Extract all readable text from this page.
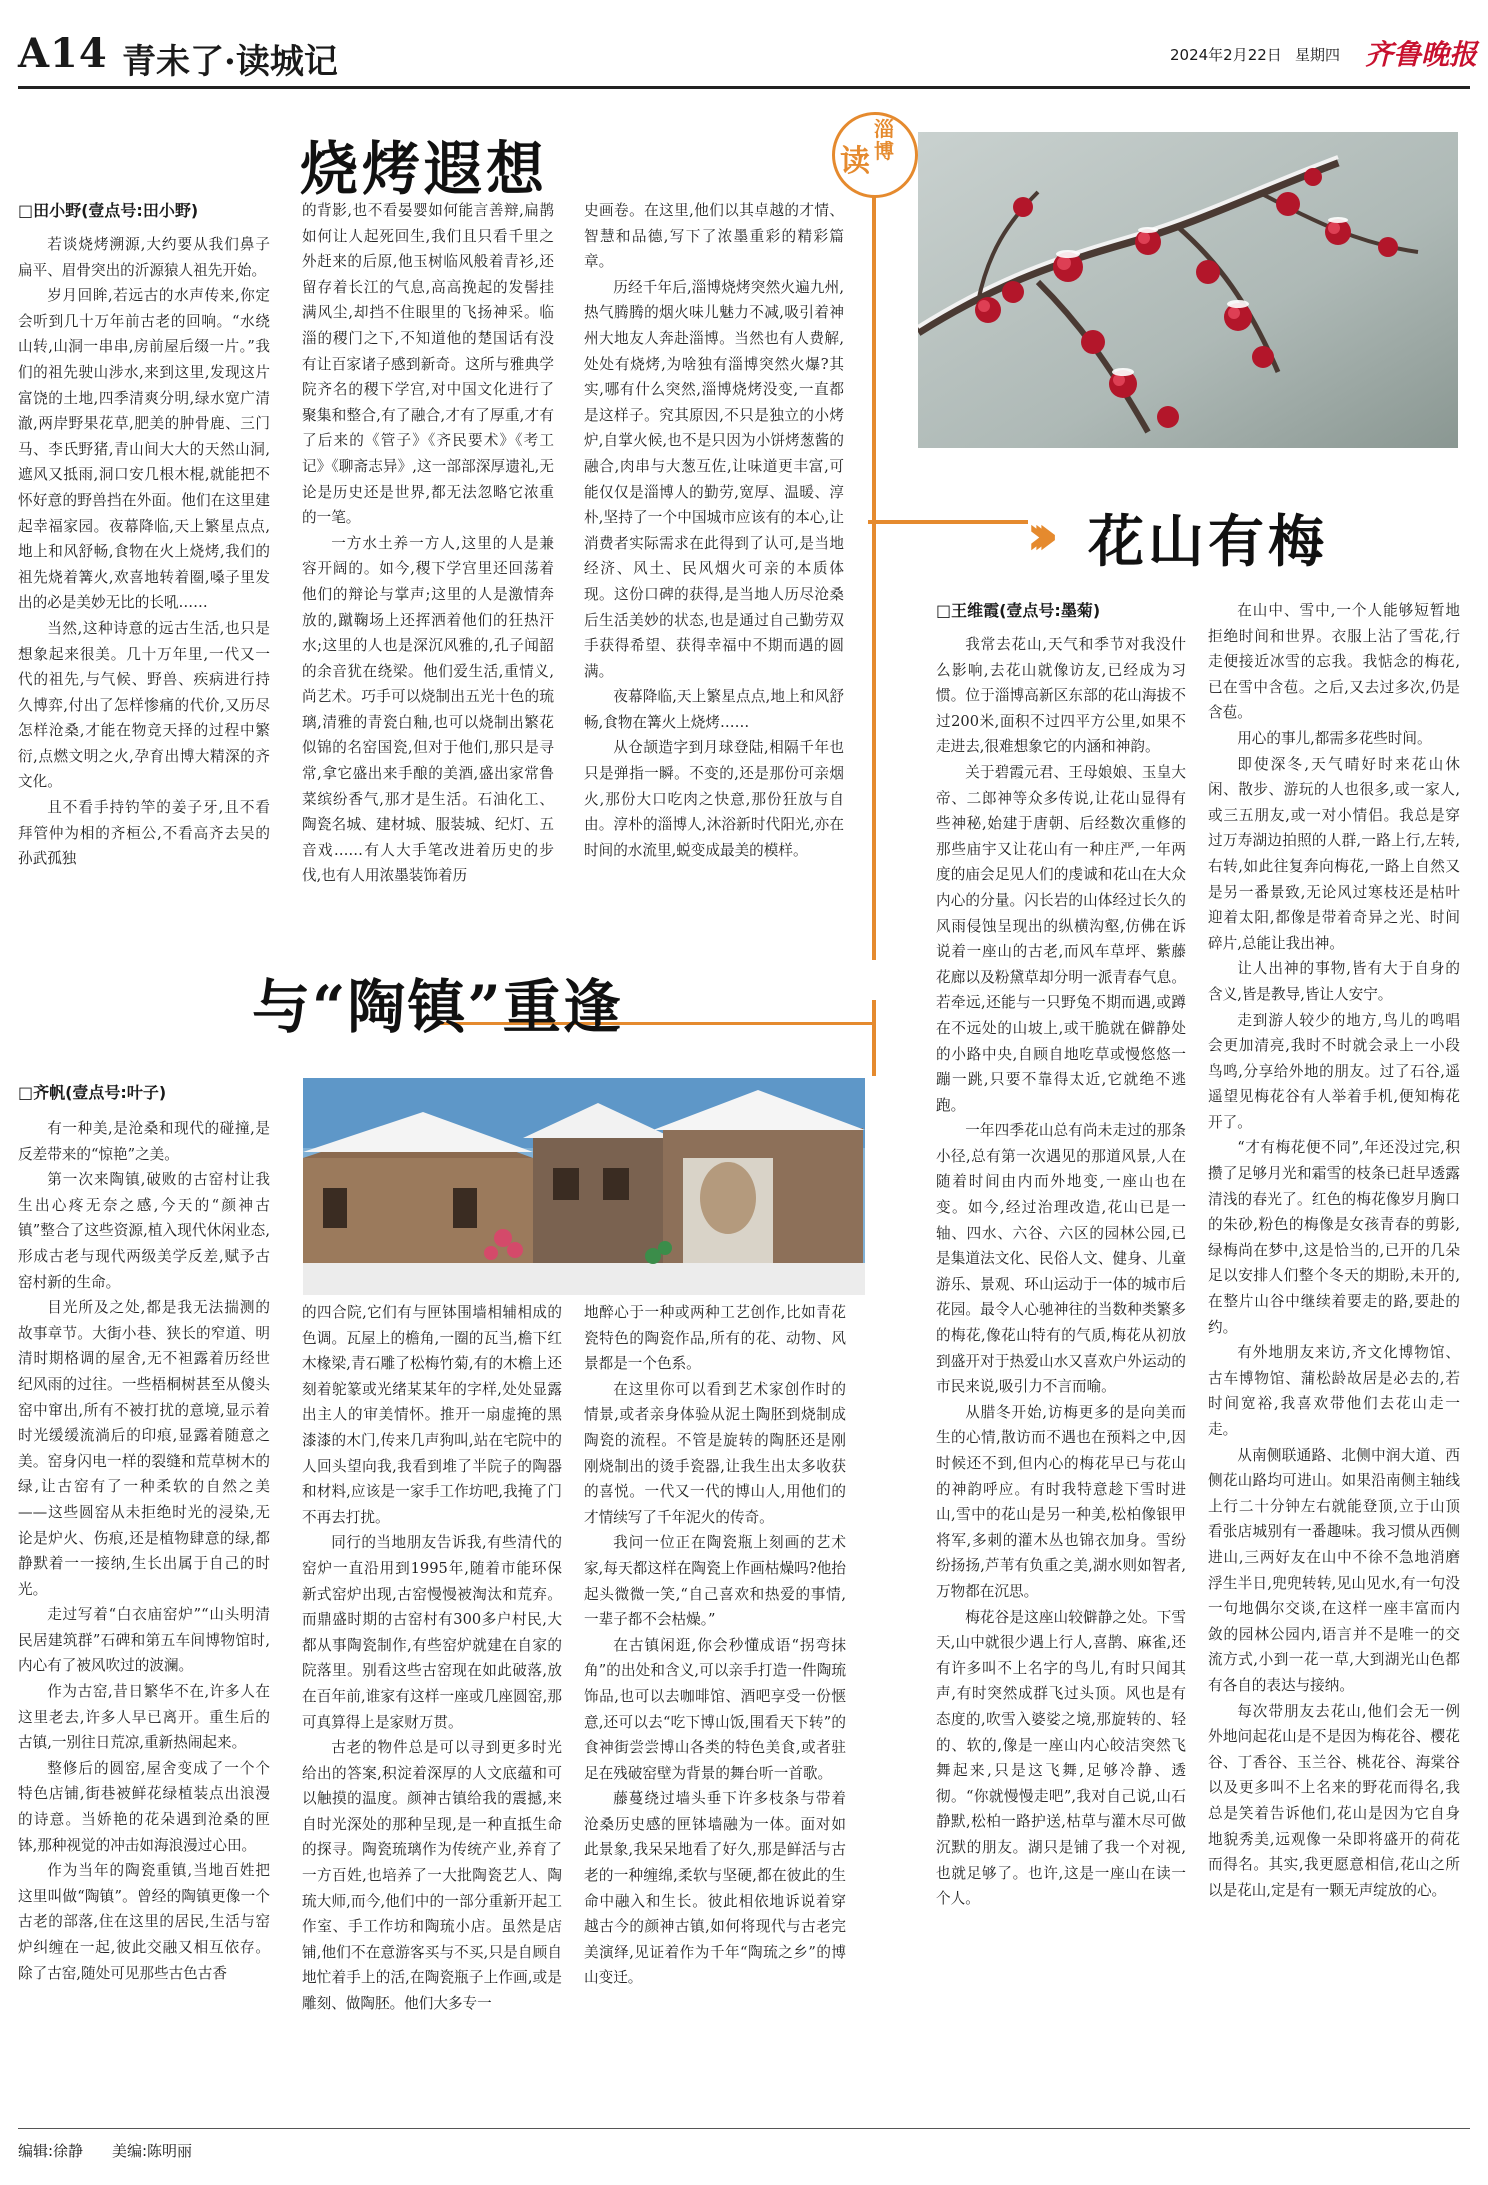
A14 青未了·读城记	2024年2月22日 星期四 齐鲁晚报
读
淄博
烧烤遐想
□田小野(壹点号:田小野)

若谈烧烤溯源,大约要从我们鼻子扁平、眉骨突出的沂源猿人祖先开始。

岁月回眸,若远古的水声传来,你定会听到几十万年前古老的回响。“水绕山转,山洞一串串,房前屋后缀一片。”我们的祖先驶山涉水,来到这里,发现这片富饶的土地,四季清爽分明,绿水宽广清澈,两岸野果花草,肥美的肿骨鹿、三门马、李氏野猪,青山间大大的天然山洞,遮风又抵雨,洞口安几根木棍,就能把不怀好意的野兽挡在外面。他们在这里建起幸福家园。夜幕降临,天上繁星点点,地上和风舒畅,食物在火上烧烤,我们的祖先烧着篝火,欢喜地转着圈,嗓子里发出的必是美妙无比的长吼……

当然,这种诗意的远古生活,也只是想象起来很美。几十万年里,一代又一代的祖先,与气候、野兽、疾病进行持久博弈,付出了怎样惨痛的代价,又历尽怎样沧桑,才能在物竞天择的过程中繁衍,点燃文明之火,孕育出博大精深的齐文化。

且不看手持钓竿的姜子牙,且不看拜管仲为相的齐桓公,不看高齐去吴的孙武孤独

的背影,也不看晏婴如何能言善辩,扁鹊如何让人起死回生,我们且只看千里之外赶来的后原,他玉树临风般着青衫,还留存着长江的气息,高高挽起的发髻挂满风尘,却挡不住眼里的飞扬神采。临淄的稷门之下,不知道他的楚国话有没有让百家诸子感到新奇。这所与雅典学院齐名的稷下学宫,对中国文化进行了聚集和整合,有了融合,才有了厚重,才有了后来的《管子》《齐民要术》《考工记》《聊斋志异》,这一部部深厚遗礼,无论是历史还是世界,都无法忽略它浓重的一笔。

一方水土养一方人,这里的人是兼容开阔的。如今,稷下学宫里还回荡着他们的辩论与掌声;这里的人是激情奔放的,蹴鞠场上还挥洒着他们的狂热汗水;这里的人也是深沉风雅的,孔子闻韶的余音犹在绕梁。他们爱生活,重情义,尚艺术。巧手可以烧制出五光十色的琉璃,清雅的青瓷白釉,也可以烧制出繁花似锦的名窑国瓷,但对于他们,那只是寻常,拿它盛出来手酿的美酒,盛出家常鲁菜缤纷香气,那才是生活。石油化工、陶瓷名城、建材城、服装城、纪灯、五音戏……有人大手笔改进着历史的步伐,也有人用浓墨装饰着历

史画卷。在这里,他们以其卓越的才情、智慧和品德,写下了浓墨重彩的精彩篇章。

历经千年后,淄博烧烤突然火遍九州,热气腾腾的烟火味儿魅力不减,吸引着神州大地友人奔赴淄博。当然也有人费解,处处有烧烤,为啥独有淄博突然火爆?其实,哪有什么突然,淄博烧烤没变,一直都是这样子。究其原因,不只是独立的小烤炉,自掌火候,也不是只因为小饼烤葱酱的融合,肉串与大葱互佐,让味道更丰富,可能仅仅是淄博人的勤劳,宽厚、温暖、淳朴,坚持了一个中国城市应该有的本心,让消费者实际需求在此得到了认可,是当地经济、风土、民风烟火可亲的本质体现。这份口碑的获得,是当地人历尽沧桑后生活美妙的状态,也是通过自己勤劳双手获得希望、获得幸福中不期而遇的圆满。

夜幕降临,天上繁星点点,地上和风舒畅,食物在篝火上烧烤……

从仓颉造字到月球登陆,相隔千年也只是弹指一瞬。不变的,还是那份可亲烟火,那份大口吃肉之快意,那份狂放与自由。淳朴的淄博人,沐浴新时代阳光,亦在时间的水流里,蜕变成最美的模样。

››› 花山有梅
与“陶镇”重逢
□齐帆(壹点号:叶子)

有一种美,是沧桑和现代的碰撞,是反差带来的“惊艳”之美。

第一次来陶镇,破败的古窑村让我生出心疼无奈之感,今天的“颜神古镇”整合了这些资源,植入现代休闲业态,形成古老与现代两级美学反差,赋予古窑村新的生命。

目光所及之处,都是我无法揣测的故事章节。大街小巷、狭长的窄道、明清时期格调的屋舍,无不袒露着历经世纪风雨的过往。一些梧桐树甚至从傻头窑中窜出,所有不被打扰的意境,显示着时光缓缓流淌后的印痕,显露着随意之美。窑身闪电一样的裂缝和荒草树木的绿,让古窑有了一种柔软的自然之美——这些圆窑从未拒绝时光的浸染,无论是炉火、伤痕,还是植物肆意的绿,都静默着一一接纳,生长出属于自己的时光。

走过写着“白衣庙窑炉”“山头明清民居建筑群”石碑和第五车间博物馆时,内心有了被风吹过的波澜。

作为古窑,昔日繁华不在,许多人在这里老去,许多人早已离开。重生后的古镇,一别往日荒凉,重新热闹起来。

整修后的圆窑,屋舍变成了一个个特色店铺,街巷被鲜花绿植装点出浪漫的诗意。当娇艳的花朵遇到沧桑的匣钵,那种视觉的冲击如海浪漫过心田。

作为当年的陶瓷重镇,当地百姓把这里叫做“陶镇”。曾经的陶镇更像一个古老的部落,住在这里的居民,生活与窑炉纠缠在一起,彼此交融又相互依存。除了古窑,随处可见那些古色古香

的四合院,它们有与匣钵围墙相辅相成的色调。瓦屋上的檐角,一圈的瓦当,檐下红木椽梁,青石雕了松梅竹菊,有的木檐上还刻着鸵篆或光绪某某年的字样,处处显露出主人的审美情怀。推开一扇虚掩的黑漆漆的木门,传来几声狗叫,站在宅院中的人回头望向我,我看到堆了半院子的陶器和材料,应该是一家手工作坊吧,我掩了门不再去打扰。

同行的当地朋友告诉我,有些清代的窑炉一直沿用到1995年,随着市能环保新式窑炉出现,古窑慢慢被淘汰和荒弃。而鼎盛时期的古窑村有300多户村民,大都从事陶瓷制作,有些窑炉就建在自家的院落里。别看这些古窑现在如此破落,放在百年前,谁家有这样一座或几座圆窑,那可真算得上是家财万贯。

古老的物件总是可以寻到更多时光给出的答案,积淀着深厚的人文底蕴和可以触摸的温度。颜神古镇给我的震撼,来自时光深处的那种呈现,是一种直抵生命的探寻。陶瓷琉璃作为传统产业,养育了一方百姓,也培养了一大批陶瓷艺人、陶琉大师,而今,他们中的一部分重新开起工作室、手工作坊和陶琉小店。虽然是店铺,他们不在意游客买与不买,只是自顾自地忙着手上的活,在陶瓷瓶子上作画,或是雕刻、做陶胚。他们大多专一

地醉心于一种或两种工艺创作,比如青花瓷特色的陶瓷作品,所有的花、动物、风景都是一个色系。

在这里你可以看到艺术家创作时的情景,或者亲身体验从泥土陶胚到烧制成陶瓷的流程。不管是旋转的陶胚还是刚刚烧制出的烫手瓷器,让我生出太多收获的喜悦。一代又一代的博山人,用他们的才情续写了千年泥火的传奇。

我问一位正在陶瓷瓶上刻画的艺术家,每天都这样在陶瓷上作画枯燥吗?他抬起头微微一笑,“自己喜欢和热爱的事情,一辈子都不会枯燥。”

在古镇闲逛,你会秒懂成语“拐弯抹角”的出处和含义,可以亲手打造一件陶琉饰品,也可以去咖啡馆、酒吧享受一份惬意,还可以去“吃下博山饭,围看天下转”的食神街尝尝博山各类的特色美食,或者驻足在残破窑壁为背景的舞台听一首歌。

藤蔓绕过墙头垂下许多枝条与带着沧桑历史感的匣钵墙融为一体。面对如此景象,我呆呆地看了好久,那是鲜活与古老的一种缠绵,柔软与坚硬,都在彼此的生命中融入和生长。彼此相依地诉说着穿越古今的颜神古镇,如何将现代与古老完美演绎,见证着作为千年“陶琉之乡”的博山变迁。

□王维霞(壹点号:墨菊)

我常去花山,天气和季节对我没什么影响,去花山就像访友,已经成为习惯。位于淄博高新区东部的花山海拔不过200米,面积不过四平方公里,如果不走进去,很难想象它的内涵和神韵。

关于碧霞元君、王母娘娘、玉皇大帝、二郎神等众多传说,让花山显得有些神秘,始建于唐朝、后经数次重修的那些庙宇又让花山有一种庄严,一年两度的庙会足见人们的虔诚和花山在大众内心的分量。闪长岩的山体经过长久的风雨侵蚀呈现出的纵横沟壑,仿佛在诉说着一座山的古老,而风车草坪、紫藤花廊以及粉黛草却分明一派青春气息。若牵远,还能与一只野兔不期而遇,或蹲在不远处的山坡上,或干脆就在僻静处的小路中央,自顾自地吃草或慢悠悠一蹦一跳,只要不靠得太近,它就绝不逃跑。

一年四季花山总有尚未走过的那条小径,总有第一次遇见的那道风景,人在随着时间由内而外地变,一座山也在变。如今,经过治理改造,花山已是一轴、四水、六谷、六区的园林公园,已是集道法文化、民俗人文、健身、儿童游乐、景观、环山运动于一体的城市后花园。最令人心驰神往的当数种类繁多的梅花,像花山特有的气质,梅花从初放到盛开对于热爱山水又喜欢户外运动的市民来说,吸引力不言而喻。

从腊冬开始,访梅更多的是向美而生的心情,散访而不遇也在预料之中,因时候还不到,但内心的梅花早已与花山的神韵呼应。有时我特意趁下雪时进山,雪中的花山是另一种美,松柏像银甲将军,多刺的灌木丛也锦衣加身。雪纷纷扬扬,芦苇有负重之美,湖水则如智者,万物都在沉思。

梅花谷是这座山较僻静之处。下雪天,山中就很少遇上行人,喜鹊、麻雀,还有许多叫不上名字的鸟儿,有时只闻其声,有时突然成群飞过头顶。风也是有态度的,吹雪入婆娑之境,那旋转的、轻的、软的,像是一座山内心皎洁突然飞舞起来,只是这飞舞,足够冷静、透彻。“你就慢慢走吧”,我对自己说,山石静默,松柏一路护送,枯草与灌木尽可做沉默的朋友。湖只是铺了我一个对视,也就足够了。也许,这是一座山在读一个人。

在山中、雪中,一个人能够短暂地拒绝时间和世界。衣服上沾了雪花,行走便接近冰雪的忘我。我惦念的梅花,已在雪中含苞。之后,又去过多次,仍是含苞。

用心的事儿,都需多花些时间。

即使深冬,天气晴好时来花山休闲、散步、游玩的人也很多,或一家人,或三五朋友,或一对小情侣。我总是穿过万寿湖边拍照的人群,一路上行,左转,右转,如此往复奔向梅花,一路上自然又是另一番景致,无论风过寒枝还是枯叶迎着太阳,都像是带着奇异之光、时间碎片,总能让我出神。

让人出神的事物,皆有大于自身的含义,皆是教导,皆让人安宁。

走到游人较少的地方,鸟儿的鸣唱会更加清亮,我时不时就会录上一小段鸟鸣,分享给外地的朋友。过了石谷,遥遥望见梅花谷有人举着手机,便知梅花开了。

“才有梅花便不同”,年还没过完,积攒了足够月光和霜雪的枝条已赶早透露清浅的春光了。红色的梅花像岁月胸口的朱砂,粉色的梅像是女孩青春的剪影,绿梅尚在梦中,这是恰当的,已开的几朵足以安排人们整个冬天的期盼,未开的,在整片山谷中继续着要走的路,要赴的约。

有外地朋友来访,齐文化博物馆、古车博物馆、蒲松龄故居是必去的,若时间宽裕,我喜欢带他们去花山走一走。

从南侧联通路、北侧中润大道、西侧花山路均可进山。如果沿南侧主轴线上行二十分钟左右就能登顶,立于山顶看张店城别有一番趣味。我习惯从西侧进山,三两好友在山中不徐不急地消磨浮生半日,兜兜转转,见山见水,有一句没一句地偶尔交谈,在这样一座丰富而内敛的园林公园内,语言并不是唯一的交流方式,小到一花一草,大到湖光山色都有各自的表达与接纳。

每次带朋友去花山,他们会无一例外地问起花山是不是因为梅花谷、樱花谷、丁香谷、玉兰谷、桃花谷、海棠谷以及更多叫不上名来的野花而得名,我总是笑着告诉他们,花山是因为它自身地貌秀美,远观像一朵即将盛开的荷花而得名。其实,我更愿意相信,花山之所以是花山,定是有一颗无声绽放的心。

编辑:徐静 美编:陈明丽
